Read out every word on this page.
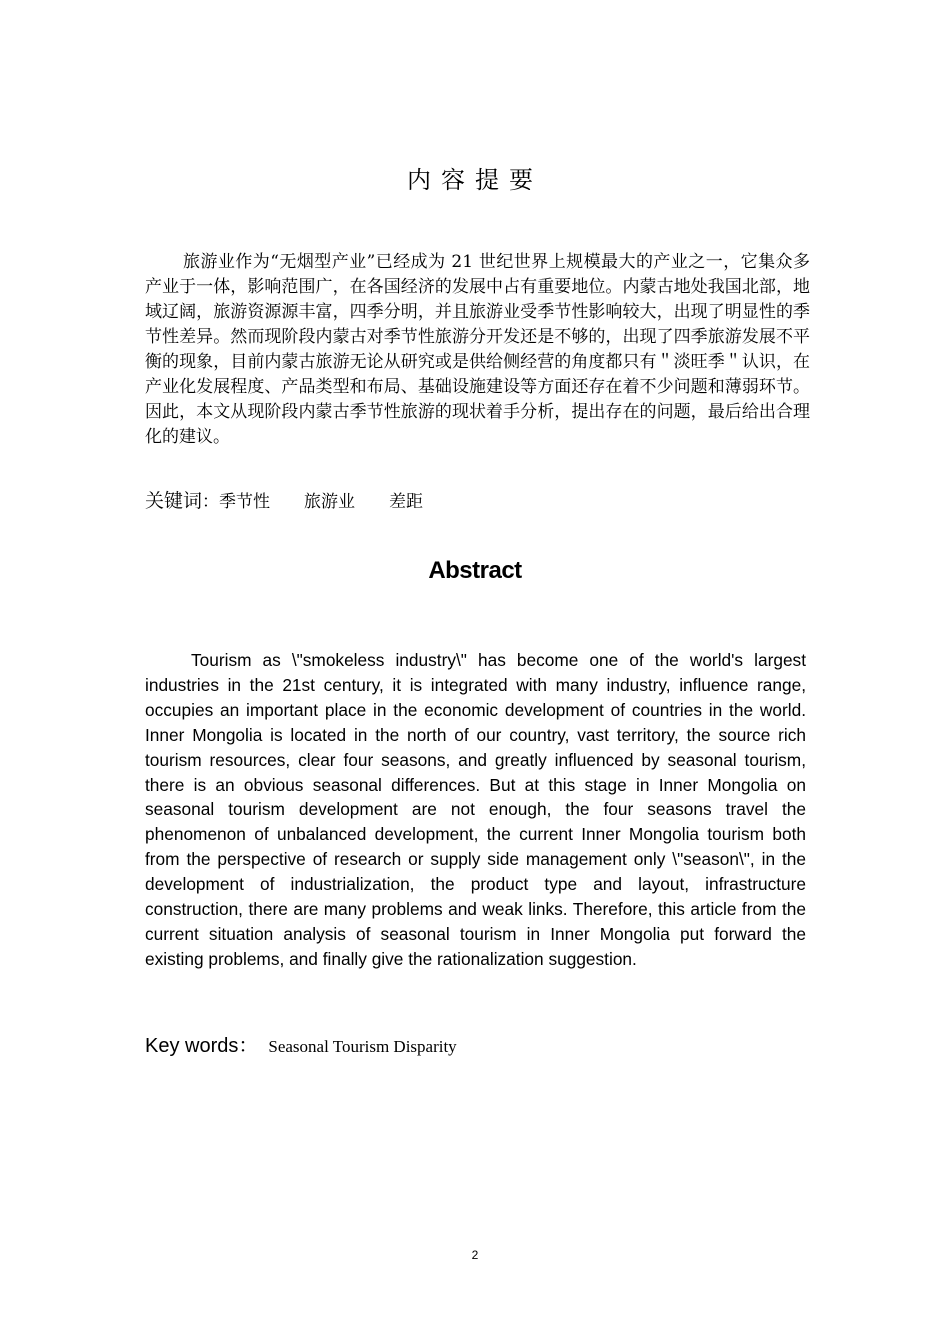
内容提要

旅游业作为“无烟型产业”已经成为 21 世纪世界上规模最大的产业之一，它集众多产业于一体，影响范围广，在各国经济的发展中占有重要地位。内蒙古地处我国北部，地域辽阔，旅游资源源丰富，四季分明，并且旅游业受季节性影响较大，出现了明显性的季节性差异。然而现阶段内蒙古对季节性旅游分开发还是不够的，出现了四季旅游发展不平衡的现象，目前内蒙古旅游无论从研究或是供给侧经营的角度都只有＂淡旺季＂认识，在产业化发展程度、产品类型和布局、基础设施建设等方面还存在着不少问题和薄弱环节。因此，本文从现阶段内蒙古季节性旅游的现状着手分析，提出存在的问题，最后给出合理化的建议。

关键词：季节性 旅游业 差距
Abstract

Tourism as \"smokeless industry\" has become one of the world's largest industries in the 21st century, it is integrated with many industry, influence range, occupies an important place in the economic development of countries in the world. Inner Mongolia is located in the north of our country, vast territory, the source rich tourism resources, clear four seasons, and greatly influenced by seasonal tourism, there is an obvious seasonal differences. But at this stage in Inner Mongolia on seasonal tourism development are not enough, the four seasons travel the phenomenon of unbalanced development, the current Inner Mongolia tourism both from the perspective of research or supply side management only \"season\", in the development of industrialization, the product type and layout, infrastructure construction, there are many problems and weak links. Therefore, this article from the current situation analysis of seasonal tourism in Inner Mongolia put forward the existing problems, and finally give the rationalization suggestion.

Key words： Seasonal Tourism Disparity
2
